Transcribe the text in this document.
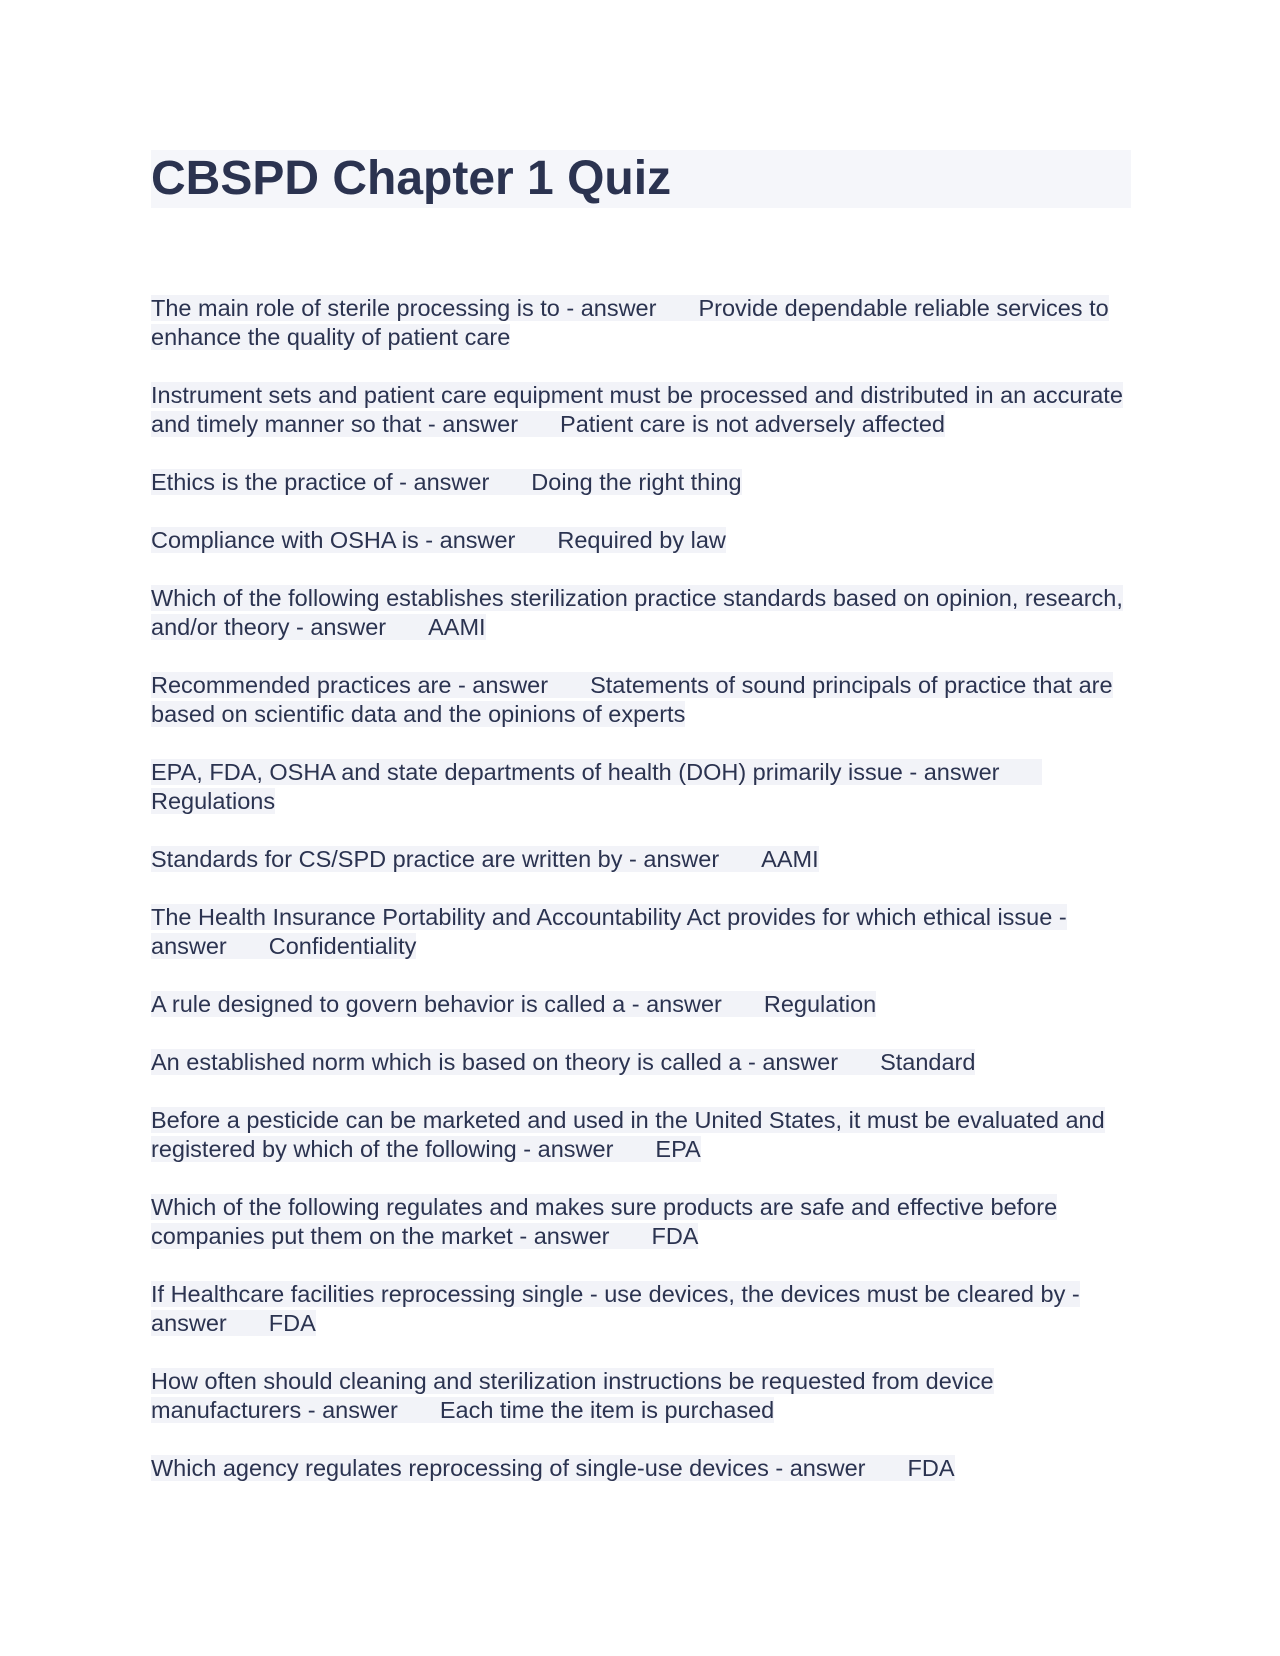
CBSPD Chapter 1 Quiz

The main role of sterile processing is to - answer Provide dependable reliable services to enhance the quality of patient care

Instrument sets and patient care equipment must be processed and distributed in an accurate and timely manner so that - answer Patient care is not adversely affected

Ethics is the practice of - answer Doing the right thing

Compliance with OSHA is - answer Required by law

Which of the following establishes sterilization practice standards based on opinion, research, and/or theory - answer AAMI

Recommended practices are - answer Statements of sound principals of practice that are based on scientific data and the opinions of experts

EPA, FDA, OSHA and state departments of health (DOH) primarily issue - answerRegulations

Standards for CS/SPD practice are written by - answer AAMI

The Health Insurance Portability and Accountability Act provides for which ethical issue - answer Confidentiality

A rule designed to govern behavior is called a - answer Regulation

An established norm which is based on theory is called a - answer Standard

Before a pesticide can be marketed and used in the United States, it must be evaluated and registered by which of the following - answer EPA

Which of the following regulates and makes sure products are safe and effective before companies put them on the market - answer FDA

If Healthcare facilities reprocessing single - use devices, the devices must be cleared by - answer FDA

How often should cleaning and sterilization instructions be requested from device manufacturers - answer Each time the item is purchased

Which agency regulates reprocessing of single-use devices - answer FDA
